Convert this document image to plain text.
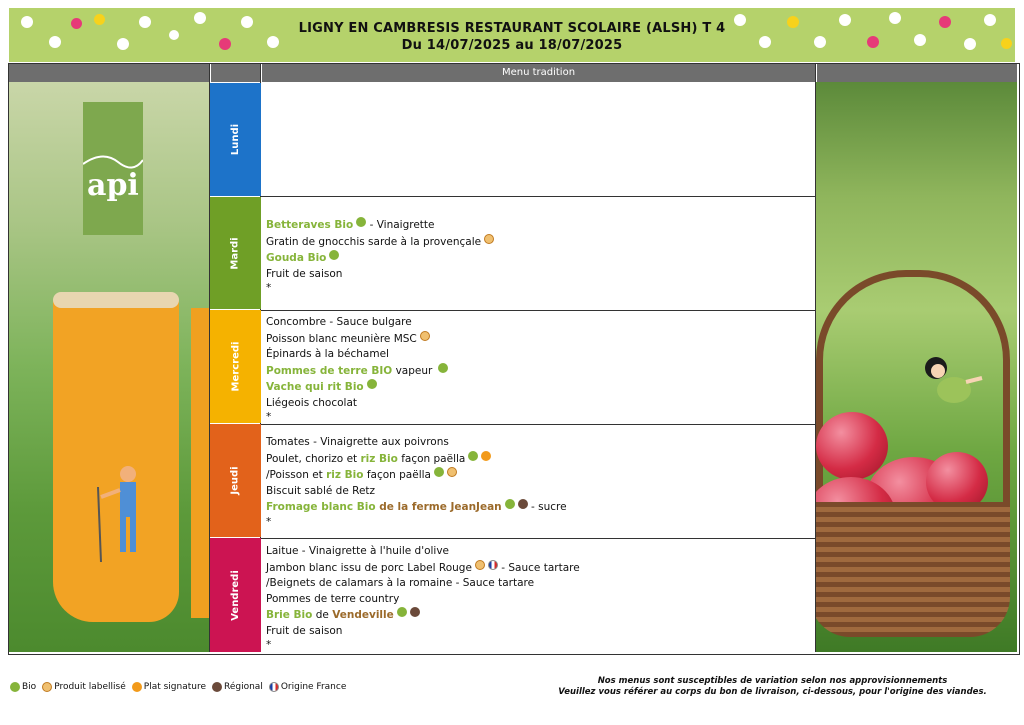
LIGNY EN CAMBRESIS RESTAURANT SCOLAIRE (ALSH) T 4
Du 14/07/2025 au 18/07/2025
Menu tradition
api
Lundi
Mardi
Mercredi
Jeudi
Vendredi
Betteraves Bio - Vinaigrette
Gratin de gnocchis sarde à la provençale
Gouda Bio
Fruit de saison
*
Concombre - Sauce bulgare
Poisson blanc meunière MSC
Épinards à la béchamel
Pommes de terre BIO vapeur
Vache qui rit Bio
Liégeois chocolat
*
Tomates - Vinaigrette aux poivrons
Poulet, chorizo et riz Bio façon paëlla
/Poisson et riz Bio façon paëlla
Biscuit sablé de Retz
Fromage blanc Bio de la ferme JeanJean - sucre
*
Laitue - Vinaigrette à l'huile d'olive
Jambon blanc issu de porc Label Rouge - Sauce tartare
/Beignets de calamars à la romaine - Sauce tartare
Pommes de terre country
Brie Bio de Vendeville
Fruit de saison
*
Bio Produit labellisé Plat signature Régional Origine France
Nos menus sont susceptibles de variation selon nos approvisionnements
Veuillez vous référer au corps du bon de livraison, ci-dessous, pour l'origine des viandes.
